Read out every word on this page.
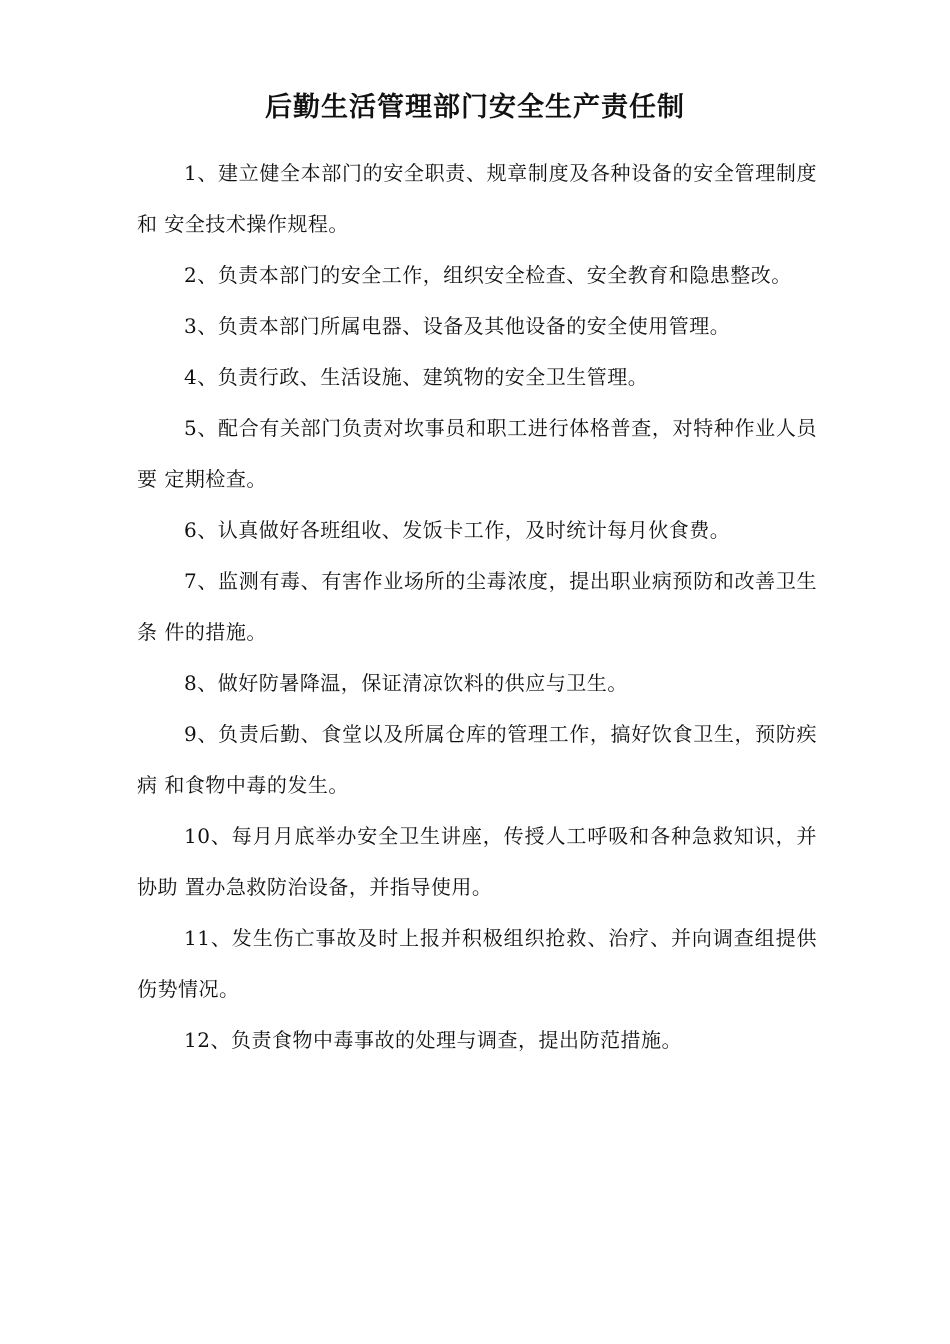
后勤生活管理部门安全生产责任制

1、建立健全本部门的安全职责、规章制度及各种设备的安全管理制度和 安全技术操作规程。

2、负责本部门的安全工作，组织安全检查、安全教育和隐患整改。

3、负责本部门所属电器、设备及其他设备的安全使用管理。

4、负责行政、生活设施、建筑物的安全卫生管理。

5、配合有关部门负责对坎事员和职工进行体格普查，对特种作业人员要 定期检查。

6、认真做好各班组收、发饭卡工作，及时统计每月伙食费。

7、监测有毒、有害作业场所的尘毒浓度，提出职业病预防和改善卫生条 件的措施。

8、做好防暑降温，保证清凉饮料的供应与卫生。

9、负责后勤、食堂以及所属仓库的管理工作，搞好饮食卫生，预防疾病 和食物中毒的发生。

10、每月月底举办安全卫生讲座，传授人工呼吸和各种急救知识，并协助 置办急救防治设备，并指导使用。

11、发生伤亡事故及时上报并积极组织抢救、治疗、并向调查组提供伤势情况。

12、负责食物中毒事故的处理与调查，提出防范措施。
